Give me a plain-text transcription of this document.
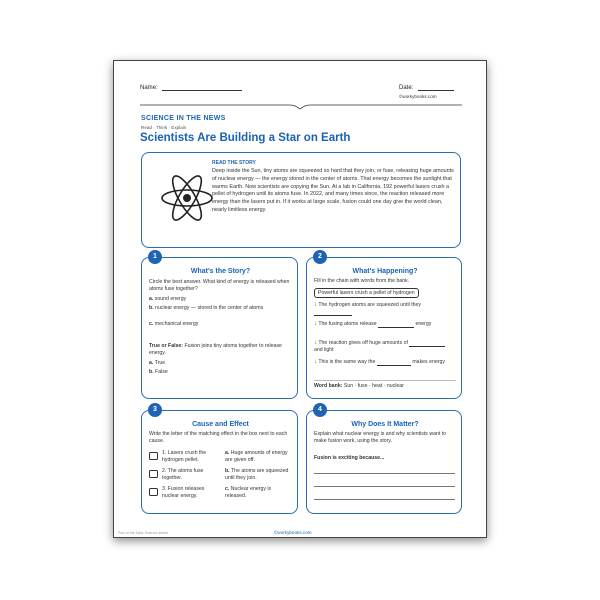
Name:	Date:
©workybooks.com
SCIENCE IN THE NEWS
Read · Think · Explain
Scientists Are Building a Star on Earth
READ THE STORY
Deep inside the Sun, tiny atoms are squeezed so hard that they join, or fuse, releasing huge amounts of nuclear energy — the energy stored in the center of atoms. That energy becomes the sunlight that warms Earth. Now scientists are copying the Sun. At a lab in California, 192 powerful lasers crush a pellet of hydrogen until its atoms fuse. In 2022, and many times since, the reaction released more energy than the lasers put in. If it works at large scale, fusion could one day give the world clean, nearly limitless energy.
What's the Story?
Circle the best answer. What kind of energy is released when atoms fuse together?
a. sound energy
b. nuclear energy — stored in the center of atoms
c. mechanical energy
True or False: Fusion joins tiny atoms together to release energy.
a. True
b. False
1
What's Happening?
Fill in the chain with words from the bank.
Powerful lasers crush a pellet of hydrogen
↓ The hydrogen atoms are squeezed until they
↓ The fusing atoms release	energy
↓ The reaction gives off huge amounts of  and light
↓ This is the same way the	makes energy
Word bank: Sun · fuse · heat · nuclear
2
Cause and Effect
Write the letter of the matching effect in the box next to each cause.
1. Lasers crush the hydrogen pellet.
2. The atoms fuse together.
3. Fusion releases nuclear energy.
a. Huge amounts of energy are given off.
b. The atoms are squeezed until they join.
c. Nuclear energy is released.
3
Why Does It Matter?
Explain what nuclear energy is and why scientists want to make fusion work, using the story.
Fusion is exciting because...
4
Part of the Daily Science series	©workybooks.com
